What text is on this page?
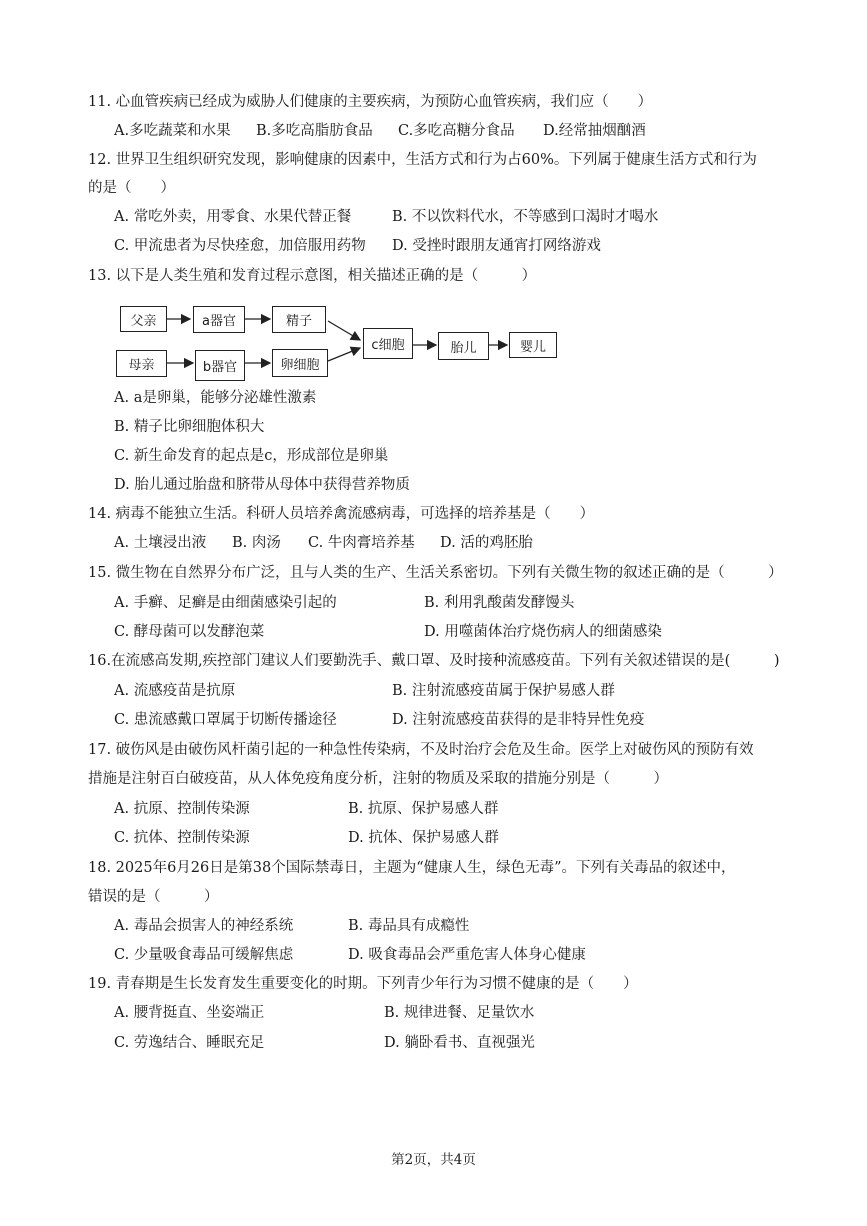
11. 心血管疾病已经成为威胁人们健康的主要疾病，为预防心血管疾病，我们应（　　）
A.多吃蔬菜和水果 B.多吃高脂肪食品 C.多吃高糖分食品 D.经常抽烟酗酒
12. 世界卫生组织研究发现，影响健康的因素中，生活方式和行为占60%。下列属于健康生活方式和行为
的是（　　）
A. 常吃外卖，用零食、水果代替正餐	B. 不以饮料代水，不等感到口渴时才喝水
C. 甲流患者为尽快痊愈，加倍服用药物 D. 受挫时跟朋友通宵打网络游戏
13. 以下是人类生殖和发育过程示意图，相关描述正确的是（　　　）
父亲	a器官	精子
母亲	b器官	卵细胞
c细胞	胎儿	婴儿
A. a是卵巢，能够分泌雄性激素
B. 精子比卵细胞体积大
C. 新生命发育的起点是c，形成部位是卵巢
D. 胎儿通过胎盘和脐带从母体中获得营养物质
14. 病毒不能独立生活。科研人员培养禽流感病毒，可选择的培养基是（　　）
A. 土壤浸出液 B. 肉汤 C. 牛肉膏培养基 D. 活的鸡胚胎
15. 微生物在自然界分布广泛，且与人类的生产、生活关系密切。下列有关微生物的叙述正确的是（　　　）
A. 手癣、足癣是由细菌感染引起的	B. 利用乳酸菌发酵馒头
C. 酵母菌可以发酵泡菜	D. 用噬菌体治疗烧伤病人的细菌感染
16.在流感高发期,疾控部门建议人们要勤洗手、戴口罩、及时接种流感疫苗。下列有关叙述错误的是(　　　)
A. 流感疫苗是抗原	B. 注射流感疫苗属于保护易感人群
C. 患流感戴口罩属于切断传播途径	D. 注射流感疫苗获得的是非特异性免疫
17. 破伤风是由破伤风杆菌引起的一种急性传染病，不及时治疗会危及生命。医学上对破伤风的预防有效
措施是注射百白破疫苗，从人体免疫角度分析，注射的物质及采取的措施分别是（　　　）
A. 抗原、控制传染源	B. 抗原、保护易感人群
C. 抗体、控制传染源	D. 抗体、保护易感人群
18. 2025年6月26日是第38个国际禁毒日，主题为“健康人生，绿色无毒”。下列有关毒品的叙述中，
错误的是（　　　）
A. 毒品会损害人的神经系统	B. 毒品具有成瘾性
C. 少量吸食毒品可缓解焦虑	D. 吸食毒品会严重危害人体身心健康
19. 青春期是生长发育发生重要变化的时期。下列青少年行为习惯不健康的是（　　）
A. 腰背挺直、坐姿端正	B. 规律进餐、足量饮水
C. 劳逸结合、睡眠充足	D. 躺卧看书、直视强光
第2页，共4页
